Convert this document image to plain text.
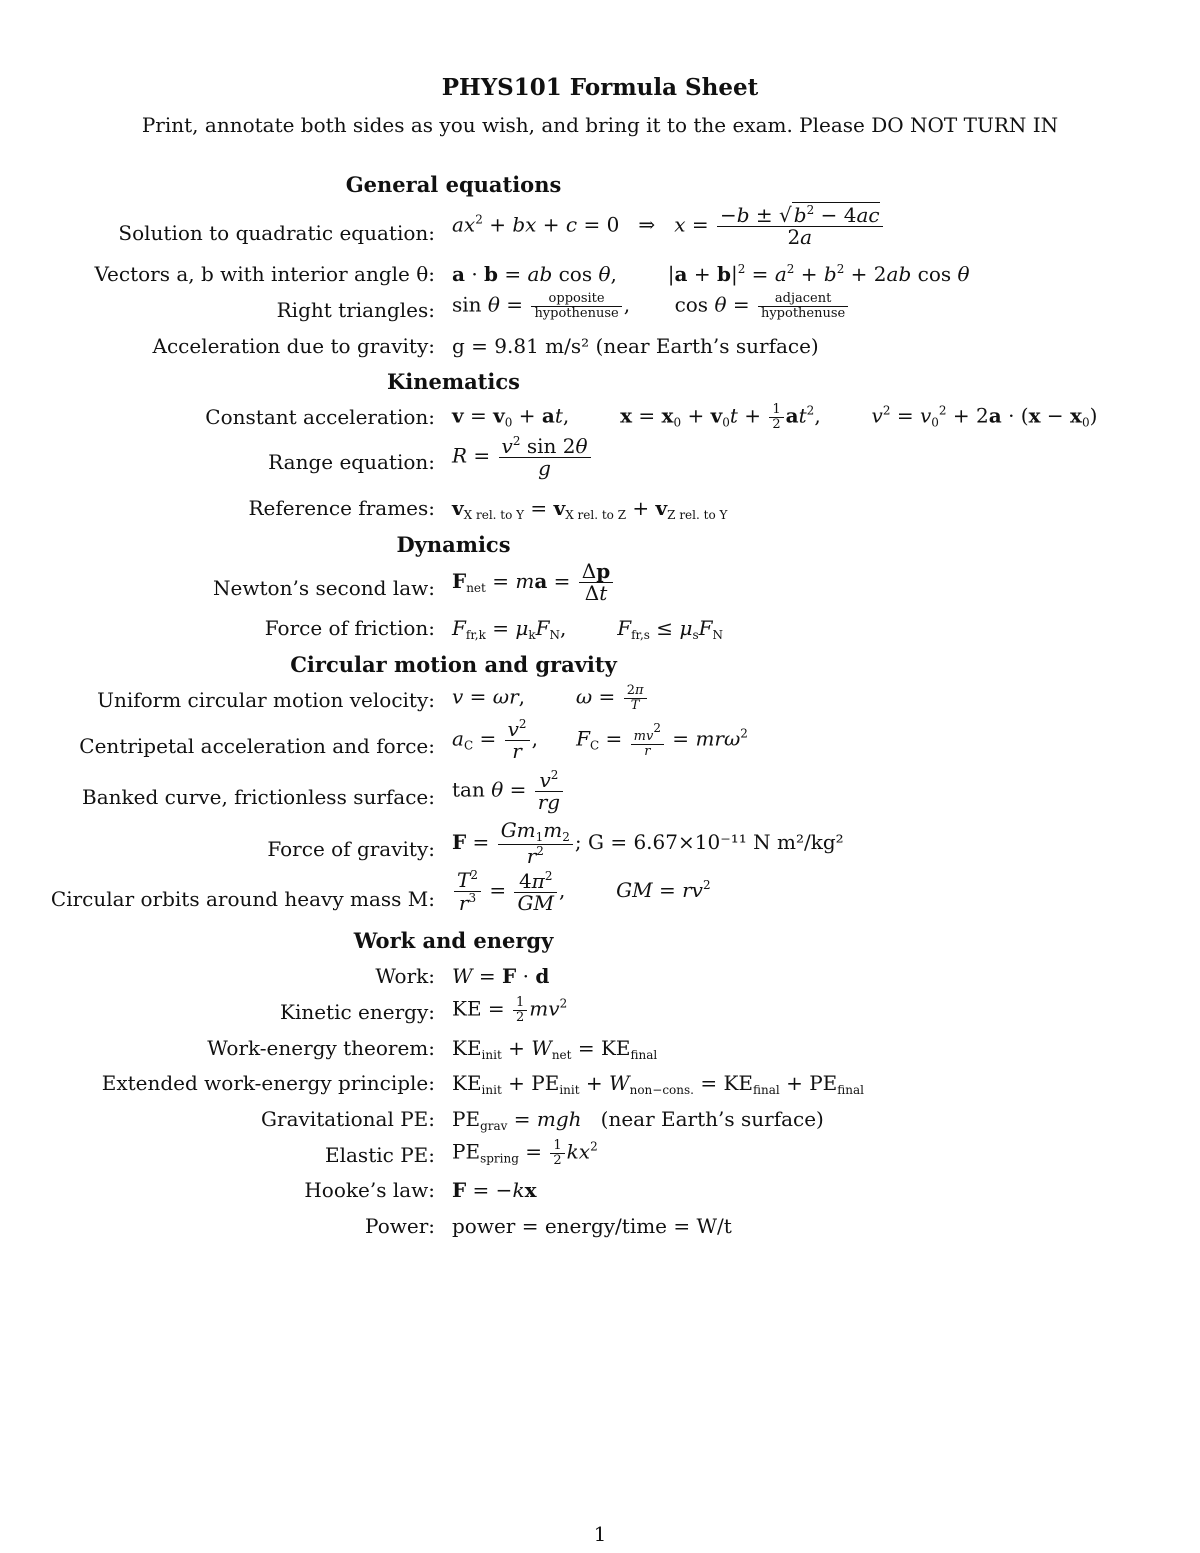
PHYS101 Formula Sheet
Print, annotate both sides as you wish, and bring it to the exam. Please DO NOT TURN IN
General equations
Solution to quadratic equation: $ax^2$ + bx + c = 0   ⇒   $x = \frac{-b \pm √ b^2 - 4ac}{2a}$
Vectors a, b with interior angle θ: a · b = ab cos θ,        $|a + b|^2 = a^2 + b^2 + 2ab$ cos θ
Right triangles: $\sin \theta = \frac{\text{opposite}}{\text{hypothenuse}}$ ,       $\cos \theta = \frac{\text{adjacent}}{\text{hypothenuse}}$
Acceleration due to gravity: g = 9.81 m/s² (near Earth’s surface)
Kinematics
Constant acceleration: $v = v_0$ + at,        $x = x_0 + v_0t + \frac{1}{2} at^2$,        $v^2 = v_0^2 + 2a \cdot (x - x_0)$
Range equation: $R = \frac{v^2 \sin 2\theta}{g}$
Reference frames: $v_{X rel. to Y} = v_{X rel. to Z} + v_{Z rel. to Y}$
Dynamics
Newton’s second law: $F_{net}$ = ma = $\frac{\Delta p}{\Delta t}$
Force of friction: $F_{fr,k} = \mu_kF_N$,        $F_{fr,s} \le \mu_sF_N$
Circular motion and gravity
Uniform circular motion velocity: v = ωr,        $\omega = \frac{2\pi}{T}$
Centripetal acceleration and force: $a_C = \frac{v^2}{r}$ ,      $F_C = \frac{mv2}{r} = mr\omega^2$
Banked curve, frictionless surface: $\tan \theta = \frac{v^2}{rg}$
Force of gravity: $F = \frac{Gm_1m_2}{r^2}$ ; G = 6.67×10⁻¹¹ N m²/kg²
Circular orbits around heavy mass M: $\frac{T^2}{r^3} = \frac{4\pi^2}{GM}$ ,        GM = $rv^2$
Work and energy
Work: W = F · d
Kinetic energy: KE = $\frac{1}{2} mv^2$
Work-energy theorem: $KE_{init} + W_{net} = KE_{final}$
Extended work-energy principle: $KE_{init} + PE_{init} + W_{non-cons.} = KE_{final} + PE_{final}$
Gravitational PE: $PE_{grav}$ = mgh (near Earth’s surface)
Elastic PE: $PE_{spring} = \frac{1}{2} kx^2$
Hooke’s law: F = −kx
Power: power = energy/time = W/t
1
